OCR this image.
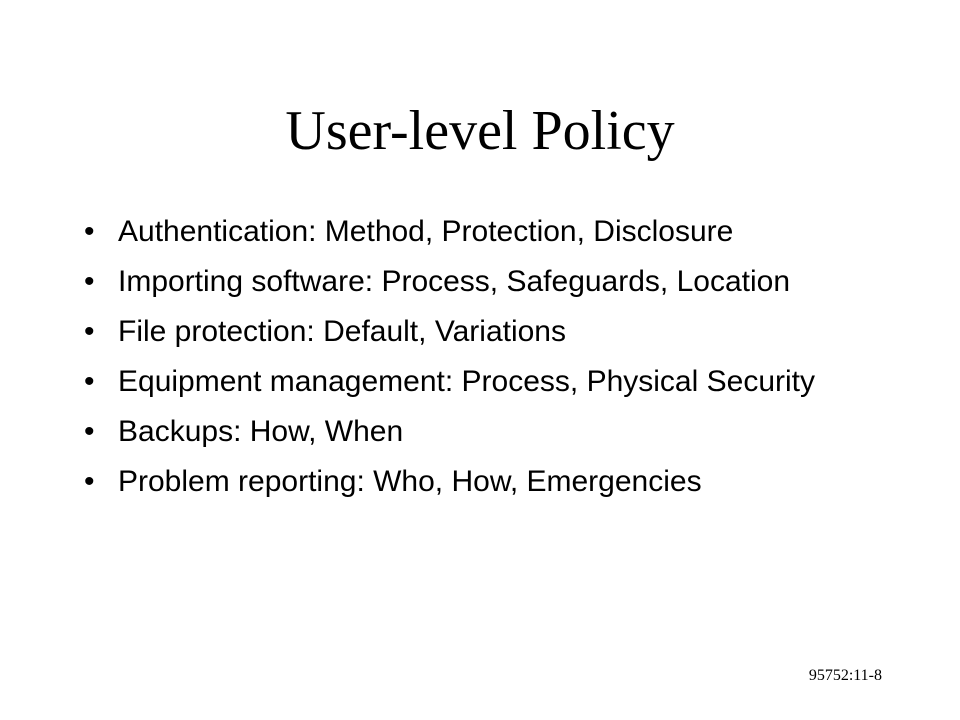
User-level Policy
• Authentication: Method, Protection, Disclosure
• Importing software: Process, Safeguards, Location
• File protection: Default, Variations
• Equipment management: Process, Physical Security
• Backups: How, When
• Problem reporting: Who, How, Emergencies
95752:11-8
